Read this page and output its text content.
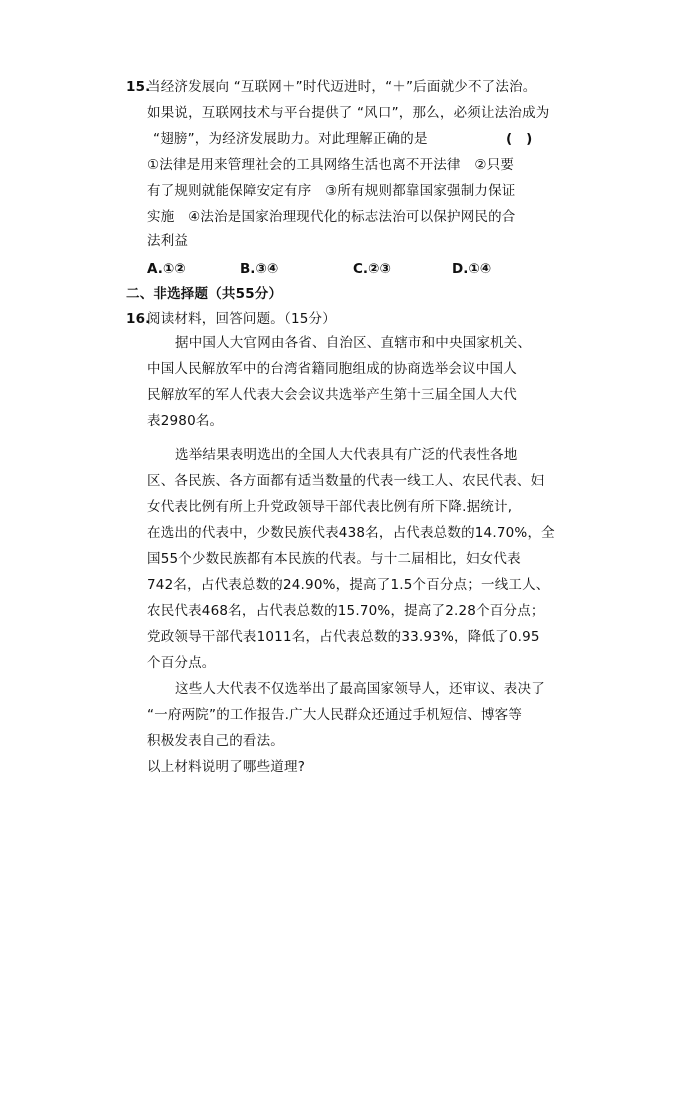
15.
当经济发展向 “互联网＋”时代迈进时，“＋”后面就少不了法治。
如果说，互联网技术与平台提供了 “风口”，那么，必须让法治成为
“翅膀”，为经济发展助力。对此理解正确的是	(　)
①法律是用来管理社会的工具网络生活也离不开法律　②只要
有了规则就能保障安定有序　③所有规则都靠国家强制力保证
实施　④法治是国家治理现代化的标志法治可以保护网民的合
法利益
A.①②	B.③④	C.②③	D.①④
二、非选择题（共55分）
16.
阅读材料，回答问题。（15分）
据中国人大官网由各省、自治区、直辖市和中央国家机关、
中国人民解放军中的台湾省籍同胞组成的协商选举会议中国人
民解放军的军人代表大会会议共选举产生第十三届全国人大代
表2980名。
选举结果表明选出的全国人大代表具有广泛的代表性各地
区、各民族、各方面都有适当数量的代表一线工人、农民代表、妇
女代表比例有所上升党政领导干部代表比例有所下降.据统计,
在选出的代表中，少数民族代表438名，占代表总数的14.70%，全
国55个少数民族都有本民族的代表。与十二届相比，妇女代表
742名，占代表总数的24.90%，提高了1.5个百分点；一线工人、
农民代表468名，占代表总数的15.70%，提高了2.28个百分点；
党政领导干部代表1011名，占代表总数的33.93%，降低了0.95
个百分点。
这些人大代表不仅选举出了最高国家领导人，还审议、表决了
“一府两院”的工作报告.广大人民群众还通过手机短信、博客等
积极发表自己的看法。
以上材料说明了哪些道理?
